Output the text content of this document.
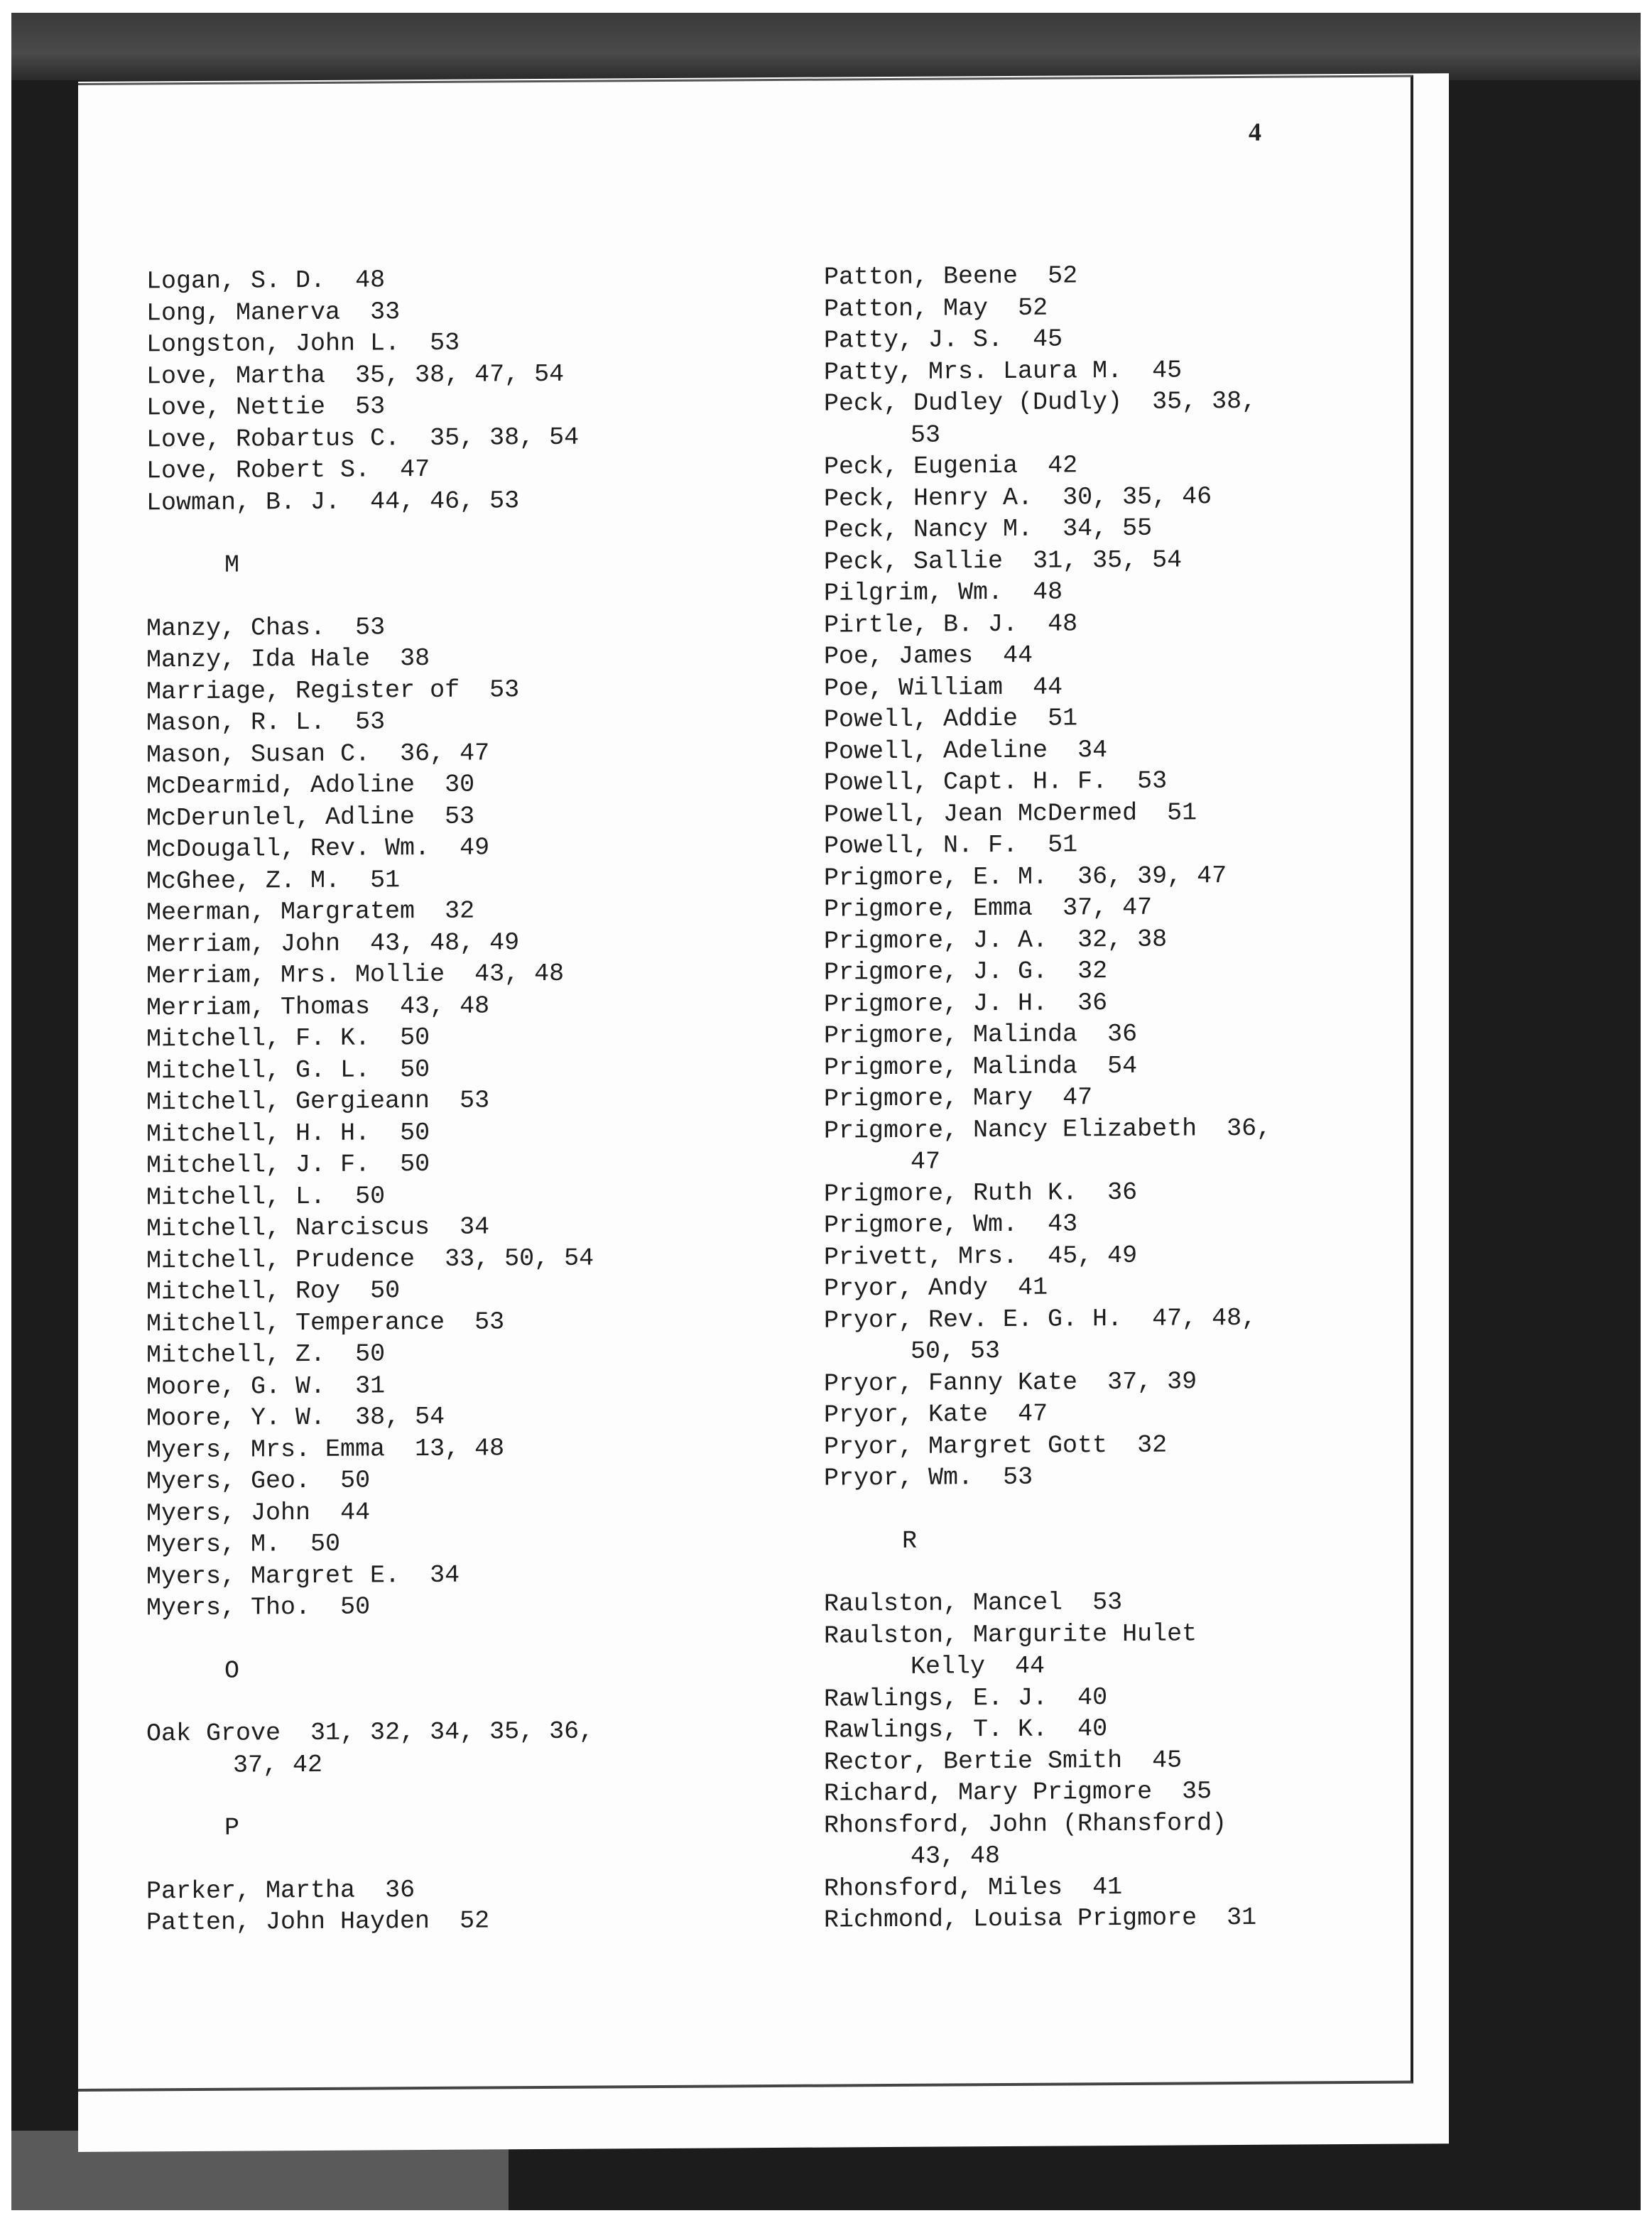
4
Logan, S. D. 48
Long, Manerva 33
Longston, John L. 53
Love, Martha 35, 38, 47, 54
Love, Nettie 53
Love, Robartus C. 35, 38, 54
Love, Robert S. 47
Lowman, B. J. 44, 46, 53
M
Manzy, Chas. 53
Manzy, Ida Hale 38
Marriage, Register of 53
Mason, R. L. 53
Mason, Susan C. 36, 47
McDearmid, Adoline 30
McDerunlel, Adline 53
McDougall, Rev. Wm. 49
McGhee, Z. M. 51
Meerman, Margratem 32
Merriam, John 43, 48, 49
Merriam, Mrs. Mollie 43, 48
Merriam, Thomas 43, 48
Mitchell, F. K. 50
Mitchell, G. L. 50
Mitchell, Gergieann 53
Mitchell, H. H. 50
Mitchell, J. F. 50
Mitchell, L. 50
Mitchell, Narciscus 34
Mitchell, Prudence 33, 50, 54
Mitchell, Roy 50
Mitchell, Temperance 53
Mitchell, Z. 50
Moore, G. W. 31
Moore, Y. W. 38, 54
Myers, Mrs. Emma 13, 48
Myers, Geo. 50
Myers, John 44
Myers, M. 50
Myers, Margret E. 34
Myers, Tho. 50
O
Oak Grove 31, 32, 34, 35, 36,
37, 42
P
Parker, Martha 36
Patten, John Hayden 52
Patton, Beene 52
Patton, May 52
Patty, J. S. 45
Patty, Mrs. Laura M. 45
Peck, Dudley (Dudly) 35, 38,
53
Peck, Eugenia 42
Peck, Henry A. 30, 35, 46
Peck, Nancy M. 34, 55
Peck, Sallie 31, 35, 54
Pilgrim, Wm. 48
Pirtle, B. J. 48
Poe, James 44
Poe, William 44
Powell, Addie 51
Powell, Adeline 34
Powell, Capt. H. F. 53
Powell, Jean McDermed 51
Powell, N. F. 51
Prigmore, E. M. 36, 39, 47
Prigmore, Emma 37, 47
Prigmore, J. A. 32, 38
Prigmore, J. G. 32
Prigmore, J. H. 36
Prigmore, Malinda 36
Prigmore, Malinda 54
Prigmore, Mary 47
Prigmore, Nancy Elizabeth 36,
47
Prigmore, Ruth K. 36
Prigmore, Wm. 43
Privett, Mrs. 45, 49
Pryor, Andy 41
Pryor, Rev. E. G. H. 47, 48,
50, 53
Pryor, Fanny Kate 37, 39
Pryor, Kate 47
Pryor, Margret Gott 32
Pryor, Wm. 53
R
Raulston, Mancel 53
Raulston, Margurite Hulet
Kelly  44
Rawlings, E. J. 40
Rawlings, T. K. 40
Rector, Bertie Smith 45
Richard, Mary Prigmore 35
Rhonsford, John (Rhansford)
43, 48
Rhonsford, Miles 41
Richmond, Louisa Prigmore 31
